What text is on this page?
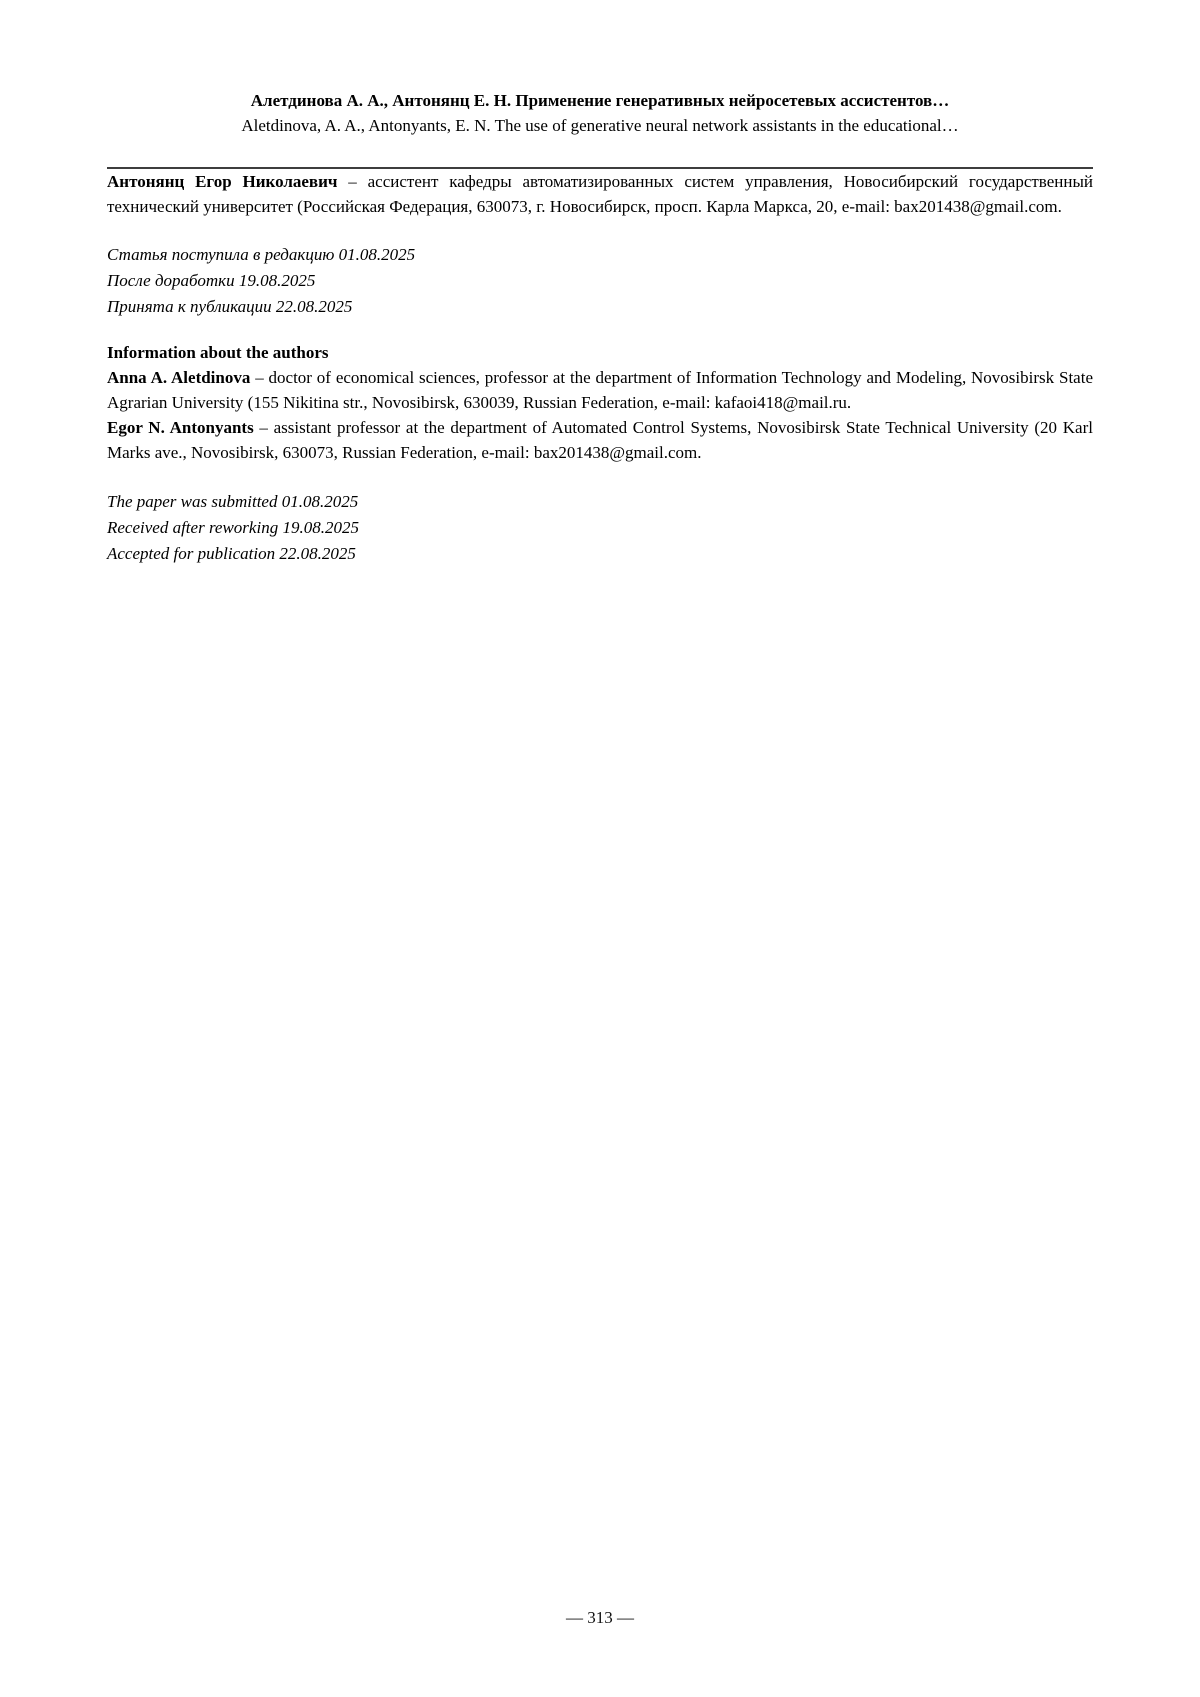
Алетдинова А. А., Антонянц Е. Н. Применение генеративных нейросетевых ассистентов…
Aletdinova, A. A., Antonyants, E. N. The use of generative neural network assistants in the educational…

Антонянц Егор Николаевич – ассистент кафедры автоматизированных систем управления, Новосибирский государственный технический университет (Российская Федерация, 630073, г. Новосибирск, просп. Карла Маркса, 20, e-mail: bax201438@gmail.com.

Статья поступила в редакцию 01.08.2025
После доработки 19.08.2025
Принята к публикации 22.08.2025
Information about the authors

Anna A. Aletdinova – doctor of economical sciences, professor at the department of Information Technology and Modeling, Novosibirsk State Agrarian University (155 Nikitina str., Novosibirsk, 630039, Russian Federation, e-mail: kafaoi418@mail.ru.

Egor N. Antonyants – assistant professor at the department of Automated Control Systems, Novosibirsk State Technical University (20 Karl Marks ave., Novosibirsk, 630073, Russian Federation, e-mail: bax201438@gmail.com.

The paper was submitted 01.08.2025
Received after reworking 19.08.2025
Accepted for publication 22.08.2025
— 313 —
